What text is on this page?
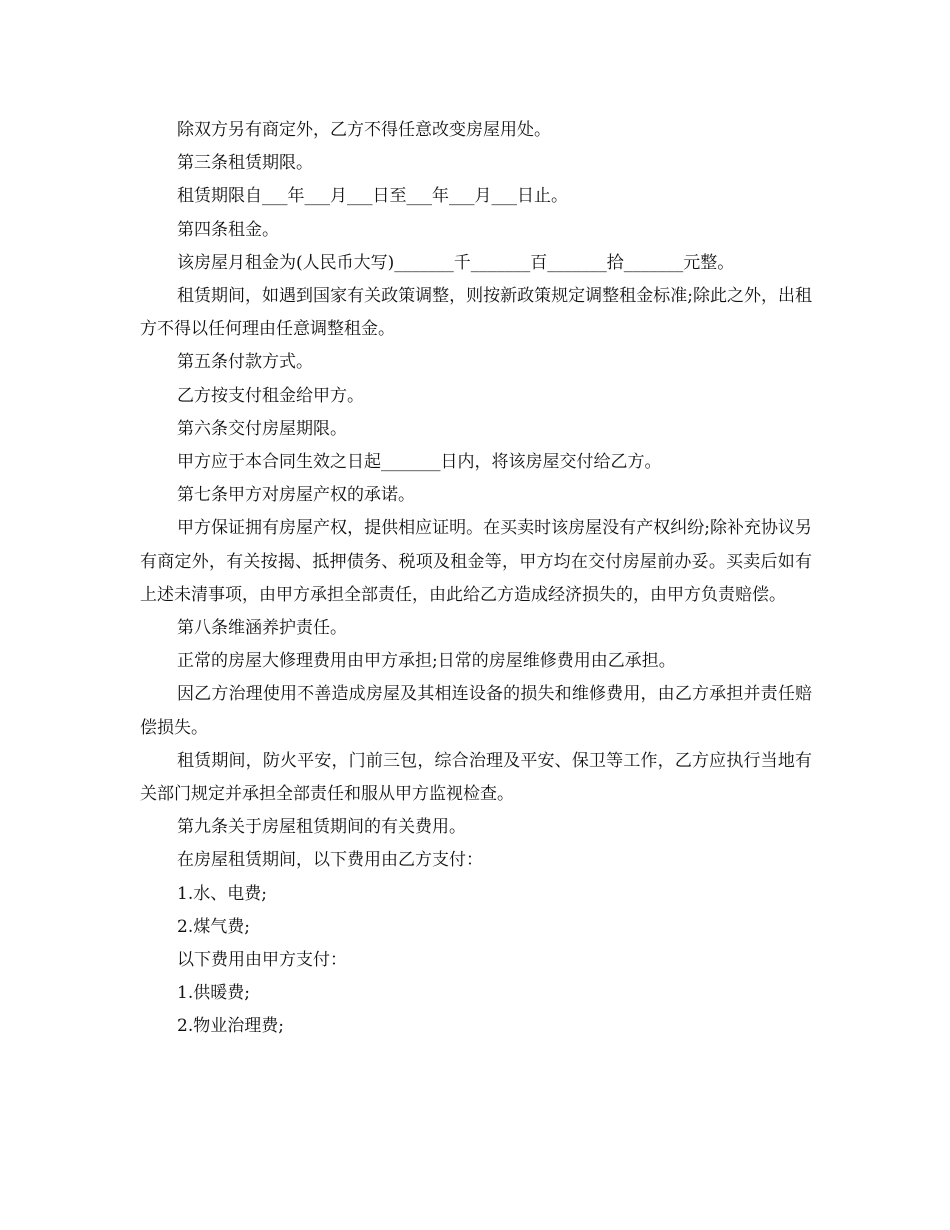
除双方另有商定外，乙方不得任意改变房屋用处。

第三条租赁期限。

租赁期限自___年___月___日至___年___月___日止。

第四条租金。

该房屋月租金为(人民币大写)_______千_______百_______拾_______元整。

租赁期间，如遇到国家有关政策调整，则按新政策规定调整租金标准;除此之外，出租方不得以任何理由任意调整租金。

第五条付款方式。

乙方按支付租金给甲方。

第六条交付房屋期限。

甲方应于本合同生效之日起_______日内，将该房屋交付给乙方。

第七条甲方对房屋产权的承诺。

甲方保证拥有房屋产权，提供相应证明。在买卖时该房屋没有产权纠纷;除补充协议另有商定外，有关按揭、抵押债务、税项及租金等，甲方均在交付房屋前办妥。买卖后如有上述未清事项，由甲方承担全部责任，由此给乙方造成经济损失的，由甲方负责赔偿。

第八条维涵养护责任。

正常的房屋大修理费用由甲方承担;日常的房屋维修费用由乙承担。

因乙方治理使用不善造成房屋及其相连设备的损失和维修费用，由乙方承担并责任赔偿损失。

租赁期间，防火平安，门前三包，综合治理及平安、保卫等工作，乙方应执行当地有关部门规定并承担全部责任和服从甲方监视检查。

第九条关于房屋租赁期间的有关费用。

在房屋租赁期间，以下费用由乙方支付：

1.水、电费;

2.煤气费;

以下费用由甲方支付：

1.供暖费;

2.物业治理费;
